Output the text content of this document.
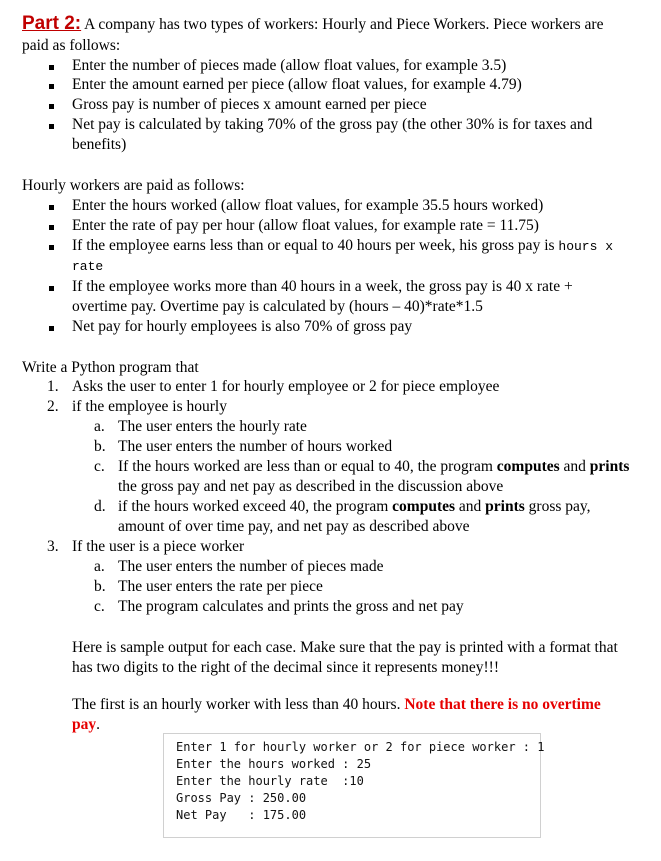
Part 2: A company has two types of workers: Hourly and Piece Workers. Piece workers are
paid as follows:
Enter the number of pieces made (allow float values, for example 3.5)
Enter the amount earned per piece (allow float values, for example 4.79)
Gross pay is number of pieces x amount earned per piece
Net pay is calculated by taking 70% of the gross pay (the other 30% is for taxes and
benefits)
Hourly workers are paid as follows:
Enter the hours worked (allow float values, for example 35.5 hours worked)
Enter the rate of pay per hour (allow float values, for example rate = 11.75)
If the employee earns less than or equal to 40 hours per week, his gross pay is hours x
rate
If the employee works more than 40 hours in a week, the gross pay is 40 x rate +
overtime pay. Overtime pay is calculated by (hours – 40)*rate*1.5
Net pay for hourly employees is also 70% of gross pay
Write a Python program that
1. Asks the user to enter 1 for hourly employee or 2 for piece employee
2. if the employee is hourly
a. The user enters the hourly rate
b. The user enters the number of hours worked
c. If the hours worked are less than or equal to 40, the program computes and prints
the gross pay and net pay as described in the discussion above
d. if the hours worked exceed 40, the program computes and prints gross pay,
amount of over time pay, and net pay as described above
3. If the user is a piece worker
a. The user enters the number of pieces made
b. The user enters the rate per piece
c. The program calculates and prints the gross and net pay
Here is sample output for each case. Make sure that the pay is printed with a format that
has two digits to the right of the decimal since it represents money!!!
The first is an hourly worker with less than 40 hours. Note that there is no overtime
pay.
Enter 1 for hourly worker or 2 for piece worker : 1
Enter the hours worked : 25
Enter the hourly rate  :10
Gross Pay : 250.00
Net Pay   : 175.00
